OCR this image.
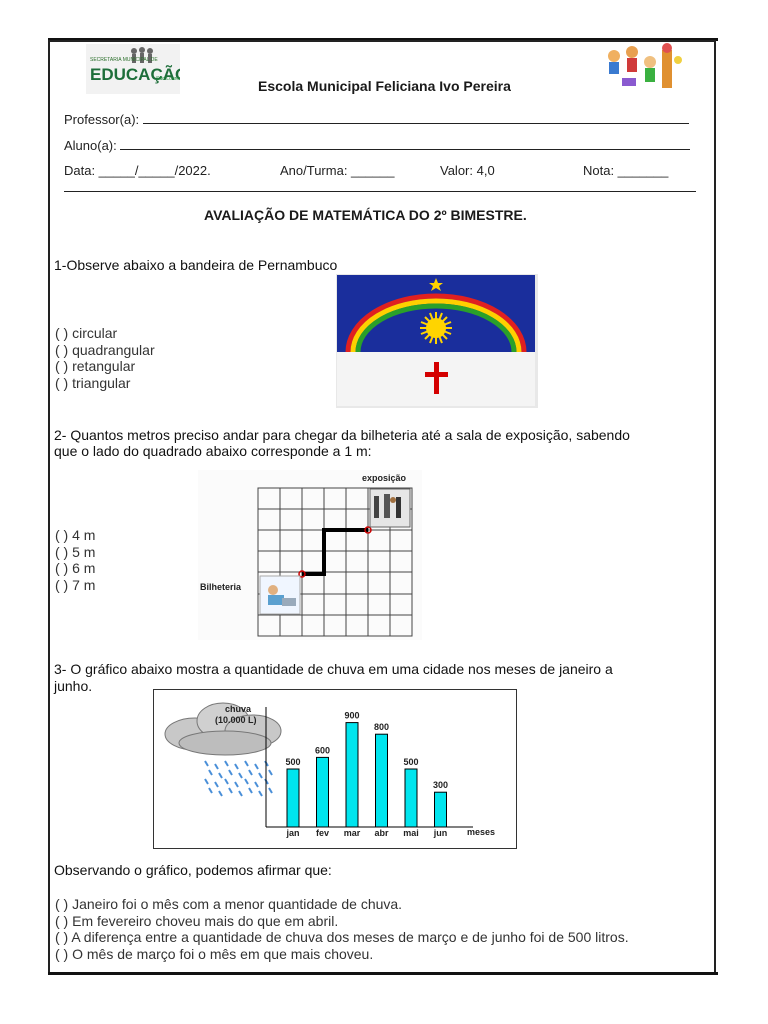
SECRETARIA MUNICIPAL DE
EDUCAÇÃO
São Loure	Escola Municipal Feliciana Ivo Pereira
Professor(a):
Aluno(a):
Data: _____/_____/2022.	Ano/Turma: ______	Valor: 4,0	Nota: _______
AVALIAÇÃO DE MATEMÁTICA DO 2º BIMESTRE.
1-Observe abaixo a bandeira de Pernambuco
( ) circular
( ) quadrangular
( ) retangular
( ) triangular
2- Quantos metros preciso andar para chegar da bilheteria até a sala de exposição, sabendo
que o lado do quadrado abaixo corresponde a 1 m:
( ) 4 m
( ) 5 m
( ) 6 m
( ) 7 m
exposição
Bilheteria
3- O gráfico abaixo mostra a quantidade de chuva em uma cidade nos meses de janeiro a
junho.
chuva
(10.000 L)
500
jan
600
fev
900
mar
800
abr
500
mai
300
jun meses
Observando o gráfico, podemos afirmar que:
( ) Janeiro foi o mês com a menor quantidade de chuva.
( ) Em fevereiro choveu mais do que em abril.
( ) A diferença entre a quantidade de chuva dos meses de março e de junho foi de 500 litros.
( ) O mês de março foi o mês em que mais choveu.
